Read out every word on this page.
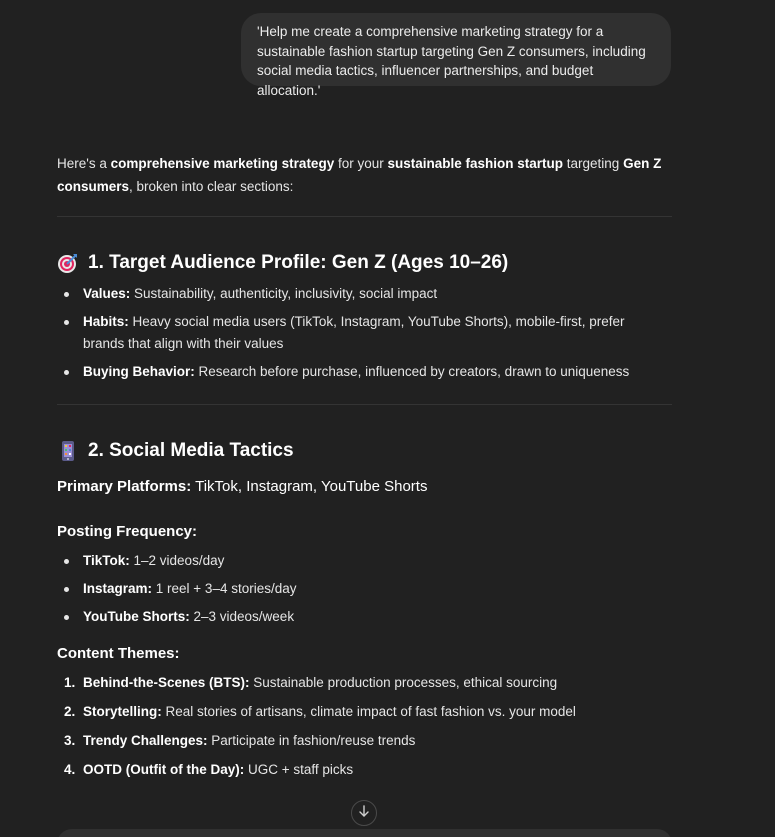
'Help me create a comprehensive marketing strategy for a sustainable fashion startup targeting Gen Z consumers, including social media tactics, influencer partnerships, and budget allocation.'

Here's a comprehensive marketing strategy for your sustainable fashion startup targeting Gen Z consumers, broken into clear sections:

1. Target Audience Profile: Gen Z (Ages 10–26)
Values: Sustainability, authenticity, inclusivity, social impact
Habits: Heavy social media users (TikTok, Instagram, YouTube Shorts), mobile-first, prefer brands that align with their values
Buying Behavior: Research before purchase, influenced by creators, drawn to uniqueness
2. Social Media Tactics
Primary Platforms: TikTok, Instagram, YouTube Shorts
Posting Frequency:
TikTok: 1–2 videos/day
Instagram: 1 reel + 3–4 stories/day
YouTube Shorts: 2–3 videos/week
Content Themes:
1. Behind-the-Scenes (BTS): Sustainable production processes, ethical sourcing
2. Storytelling: Real stories of artisans, climate impact of fast fashion vs. your model
3. Trendy Challenges: Participate in fashion/reuse trends
4. OOTD (Outfit of the Day): UGC + staff picks
